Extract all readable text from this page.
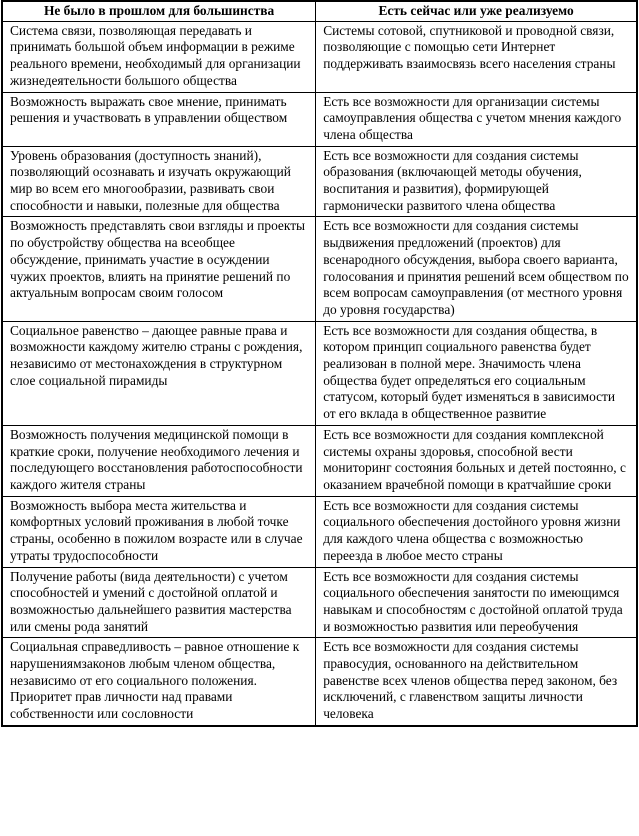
Не было в прошлом для большинства	Есть сейчас или уже реализуемо
Система связи, позволяющая передавать и принимать большой объем информации в режиме реального времени, необходимый для организации жизнедеятельности большого общества	Системы сотовой, спутниковой и проводной связи, позволяющие с помощью сети Интернет поддерживать взаимосвязь всего населения страны
Возможность выражать свое мнение, принимать решения и участвовать в управлении обществом	Есть все возможности для организации системы самоуправления общества с учетом мнения каждого члена общества
Уровень образования (доступность знаний), позволяющий осознавать и изучать окружающий мир во всем его многообразии, развивать свои способности и навыки, полезные для общества	Есть все возможности для создания системы образования (включающей методы обучения, воспитания и развития), формирующей гармонически развитого члена общества
Возможность представлять свои взгляды и проекты по обустройству общества на всеобщее обсуждение, принимать участие в осуждении чужих проектов, влиять на принятие решений по актуальным вопросам своим голосом	Есть все возможности для создания системы выдвижения предложений (проектов) для всенародного обсуждения, выбора своего варианта, голосования и принятия решений всем обществом по всем вопросам самоуправления (от местного уровня до уровня государства)
Социальное равенство – дающее равные права и возможности каждому жителю страны с рождения, независимо от местонахождения в структурном слое социальной пирамиды	Есть все возможности для создания общества, в котором принцип социального равенства будет реализован в полной мере. Значимость члена общества будет определяться его социальным статусом, который будет изменяться в зависимости от его вклада в общественное развитие
Возможность получения медицинской помощи в краткие сроки, получение необходимого лечения и последующего восстановления работоспособности каждого жителя страны	Есть все возможности для создания комплексной системы охраны здоровья, способной вести мониторинг состояния больных и детей постоянно, с оказанием врачебной помощи в кратчайшие сроки
Возможность выбора места жительства и комфортных условий проживания в любой точке страны, особенно в пожилом возрасте или в случае утраты трудоспособности	Есть все возможности для создания системы социального обеспечения достойного уровня жизни для каждого члена общества с возможностью переезда в любое место страны
Получение работы (вида деятельности) с учетом способностей и умений с достойной оплатой и возможностью дальнейшего развития мастерства или смены рода занятий	Есть все возможности для создания системы социального обеспечения занятости по имеющимся навыкам и способностям с достойной оплатой труда и возможностью развития или переобучения
Социальная справедливость – равное отношение к нарушениямзаконов любым членом общества, независимо от его социального положения. Приоритет прав личности над правами собственности или сословности	Есть все возможности для создания системы правосудия, основанного на действительном равенстве всех членов общества перед законом, без исключений, с главенством защиты личности человека
